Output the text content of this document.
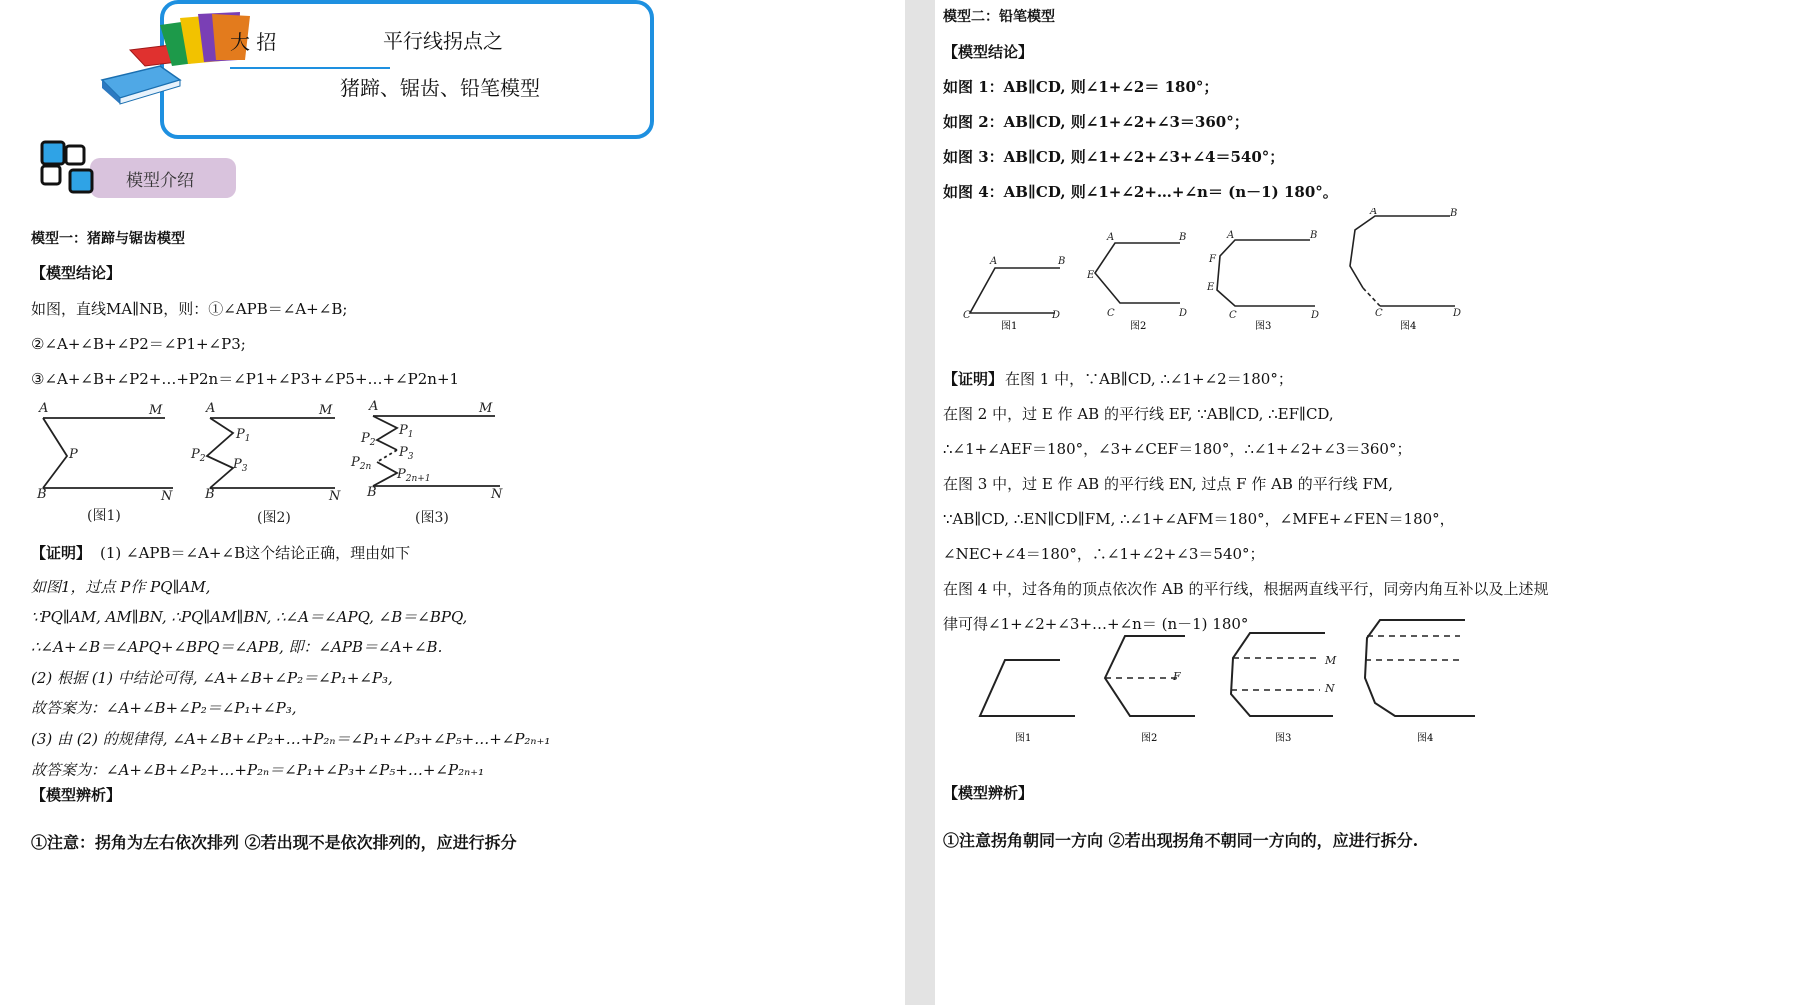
大 招	平行线拐点之
猪蹄、锯齿、铅笔模型
模型介绍
模型一：猪蹄与锯齿模型
【模型结论】
如图，直线MA∥NB，则：①∠APB＝∠A+∠B;
②∠A+∠B+∠P2＝∠P1+∠P3;
③∠A+∠B+∠P2+…+P2n＝∠P1+∠P3+∠P5+…+∠P2n+1
A	M
B	N
P
A	M
B	N
$P_1$
$P_2$ $P_3$
A	M
B	N
$P_1$
$P_2$
$P_3$
$P_{2n}$ $P_{2n+1}$
(图1)	(图2)	(图3)
【证明】 (1) ∠APB＝∠A+∠B这个结论正确，理由如下
如图1，过点 P作 PQ∥AM,
∵PQ∥AM, AM∥BN, ∴PQ∥AM∥BN, ∴∠A＝∠APQ, ∠B＝∠BPQ,
∴∠A+∠B＝∠APQ+∠BPQ＝∠APB, 即：∠APB＝∠A+∠B.
(2) 根据 (1) 中结论可得, ∠A+∠B+∠P₂＝∠P₁+∠P₃,
故答案为：∠A+∠B+∠P₂＝∠P₁+∠P₃,
(3) 由 (2) 的规律得, ∠A+∠B+∠P₂+…+P₂ₙ＝∠P₁+∠P₃+∠P₅+…+∠P₂ₙ₊₁
故答案为：∠A+∠B+∠P₂+…+P₂ₙ＝∠P₁+∠P₃+∠P₅+…+∠P₂ₙ₊₁
【模型辨析】
①注意：拐角为左右依次排列 ②若出现不是依次排列的，应进行拆分
模型二：铅笔模型
【模型结论】
如图 1：AB∥CD, 则∠1+∠2＝ 180°；
如图 2：AB∥CD, 则∠1+∠2+∠3＝360°；
如图 3：AB∥CD, 则∠1+∠2+∠3+∠4＝540°；
如图 4：AB∥CD, 则∠1+∠2+…+∠n＝ (n－1) 180°。
A	B
C	D
A	B
E
C	D
A	B
F
E
C	D
A	B
C	D
图1	图2	图3	图4
【证明】 在图 1 中，∵AB∥CD, ∴∠1+∠2＝180°；
在图 2 中，过 E 作 AB 的平行线 EF, ∵AB∥CD, ∴EF∥CD,
∴∠1+∠AEF＝180°，∠3+∠CEF＝180°，∴∠1+∠2+∠3＝360°；
在图 3 中，过 E 作 AB 的平行线 EN, 过点 F 作 AB 的平行线 FM,
∵AB∥CD, ∴EN∥CD∥FM, ∴∠1+∠AFM＝180°，∠MFE+∠FEN＝180°，
∠NEC+∠4＝180°，∴∠1+∠2+∠3＝540°；
在图 4 中，过各角的顶点依次作 AB 的平行线，根据两直线平行，同旁内角互补以及上述规
律可得∠1+∠2+∠3+…+∠n＝ (n－1) 180°
F
M
N
图1	图2	图3	图4
【模型辨析】
①注意拐角朝同一方向 ②若出现拐角不朝同一方向的，应进行拆分.
